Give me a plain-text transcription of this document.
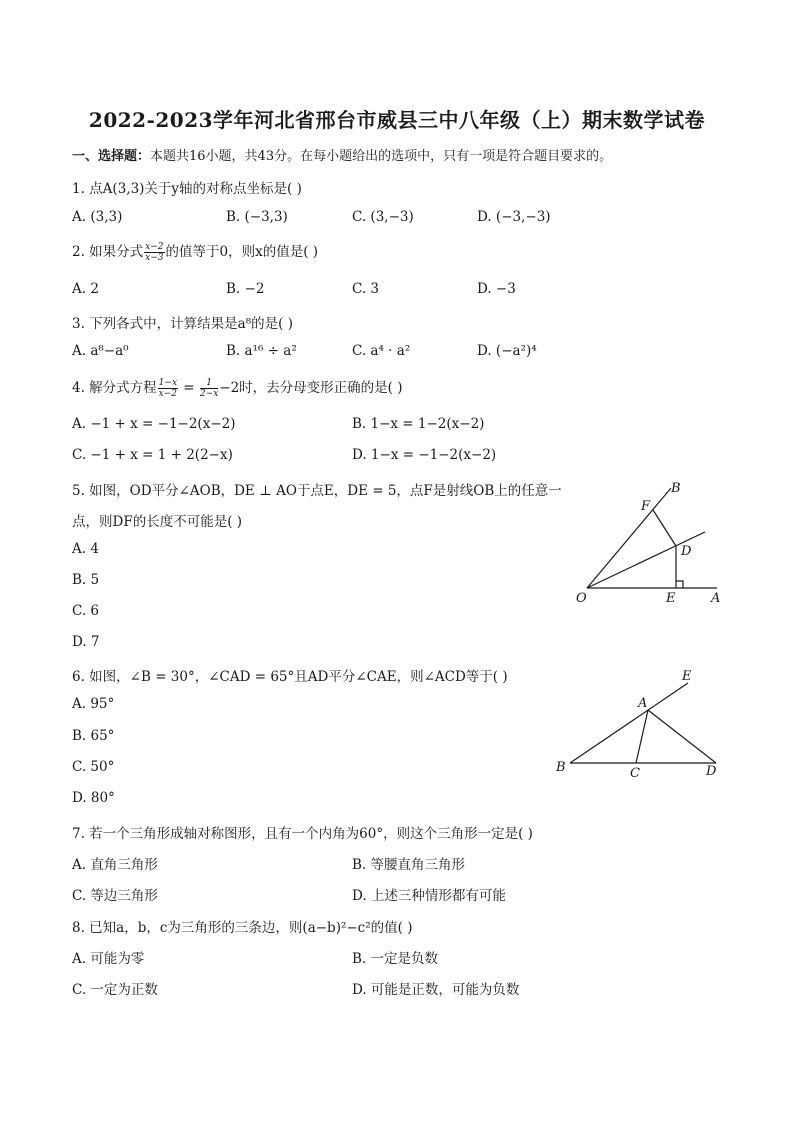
2022-2023学年河北省邢台市威县三中八年级（上）期末数学试卷
一、选择题：本题共16小题，共43分。在每小题给出的选项中，只有一项是符合题目要求的。
1. 点A(3,3)关于y轴的对称点坐标是( )
A. (3,3)	B. (−3,3)	C. (3,−3)	D. (−3,−3)
2. 如果分式 $\frac{x-2}{x-3}$ 的值等于0，则x的值是( )
A. 2	B. −2	C. 3	D. −3
3. 下列各式中，计算结果是a⁸的是( )
A. a⁸−a⁰	B. a¹⁶ ÷ a²	C. a⁴ · a²	D. (−a²)⁴
4. 解分式方程 $\frac{1-x}{x-2} = \frac{1}{2-x} -2$时，去分母变形正确的是( )
A. −1 + x = −1−2(x−2)	B. 1−x = 1−2(x−2)
C. −1 + x = 1 + 2(2−x)	D. 1−x = −1−2(x−2)
5. 如图，OD平分∠AOB，DE ⊥ AO于点E，DE = 5，点F是射线OB上的任意一
点，则DF的长度不可能是( )
A. 4
B. 5
C. 6
D. 7
B
F
D
O	E	A
6. 如图，∠B = 30°，∠CAD = 65°且AD平分∠CAE，则∠ACD等于( )
A. 95°
B. 65°
C. 50°
D. 80°
E
A
B	C	D
7. 若一个三角形成轴对称图形，且有一个内角为60°，则这个三角形一定是( )
A. 直角三角形	B. 等腰直角三角形
C. 等边三角形	D. 上述三种情形都有可能
8. 已知a，b，c为三角形的三条边，则(a−b)²−c²的值( )
A. 可能为零	B. 一定是负数
C. 一定为正数	D. 可能是正数，可能为负数
